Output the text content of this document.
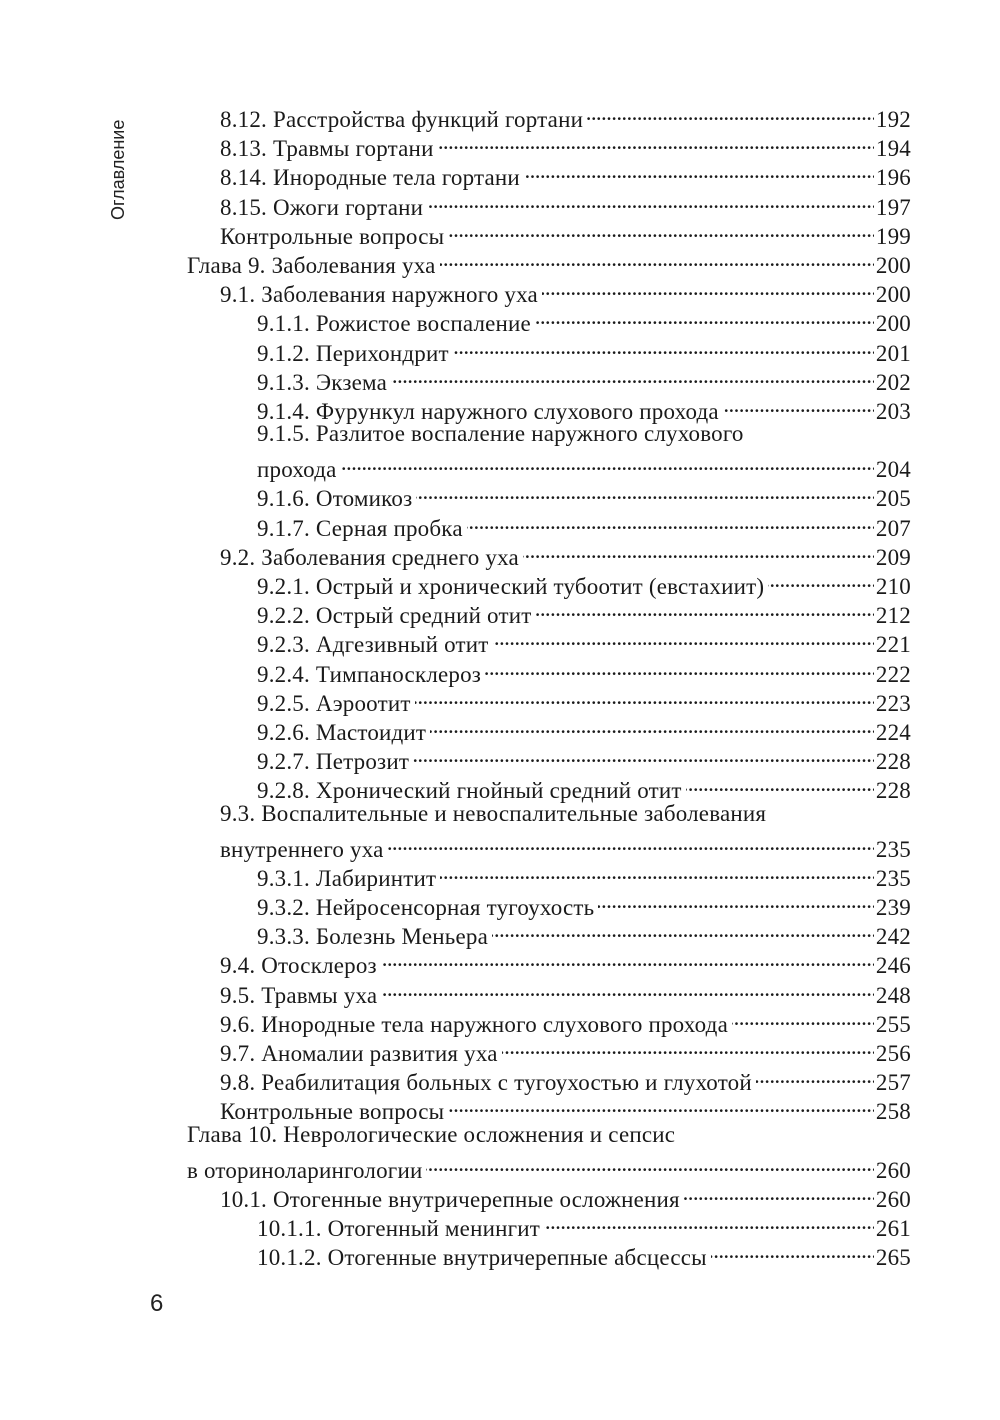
Оглавление
8.12. Расстройства функций гортани . . .	192
8.13. Травмы гортани . . .	194
8.14. Инородные тела гортани . . .	196
8.15. Ожоги гортани . . .	197
Контрольные вопросы . . .	199
Глава 9. Заболевания уха . . .	200
9.1. Заболевания наружного уха . . .	200
9.1.1. Рожистое воспаление . . .	200
9.1.2. Перихондрит . . .	201
9.1.3. Экзема . . .	202
9.1.4. Фурункул наружного слухового прохода . . .	203
9.1.5. Разлитое воспаление наружного слухового
прохода . . .	204
9.1.6. Отомикоз . . .	205
9.1.7. Серная пробка . . .	207
9.2. Заболевания среднего уха . . .	209
9.2.1. Острый и хронический тубоотит (евстахиит) . . .	210
9.2.2. Острый средний отит . . .	212
9.2.3. Адгезивный отит . . .	221
9.2.4. Тимпаносклероз . . .	222
9.2.5. Аэроотит . . .	223
9.2.6. Мастоидит . . .	224
9.2.7. Петрозит . . .	228
9.2.8. Хронический гнойный средний отит . . .	228
9.3. Воспалительные и невоспалительные заболевания
внутреннего уха . . .	235
9.3.1. Лабиринтит . . .	235
9.3.2. Нейросенсорная тугоухость . . .	239
9.3.3. Болезнь Меньера . . .	242
9.4. Отосклероз . . .	246
9.5. Травмы уха . . .	248
9.6. Инородные тела наружного слухового прохода . . .	255
9.7. Аномалии развития уха . . .	256
9.8. Реабилитация больных с тугоухостью и глухотой . . .	257
Контрольные вопросы . . .	258
Глава 10. Неврологические осложнения и сепсис
в оториноларингологии . . .	260
10.1. Отогенные внутричерепные осложнения . . .	260
10.1.1. Отогенный менингит . . .	261
10.1.2. Отогенные внутричерепные абсцессы . . .	265
6
